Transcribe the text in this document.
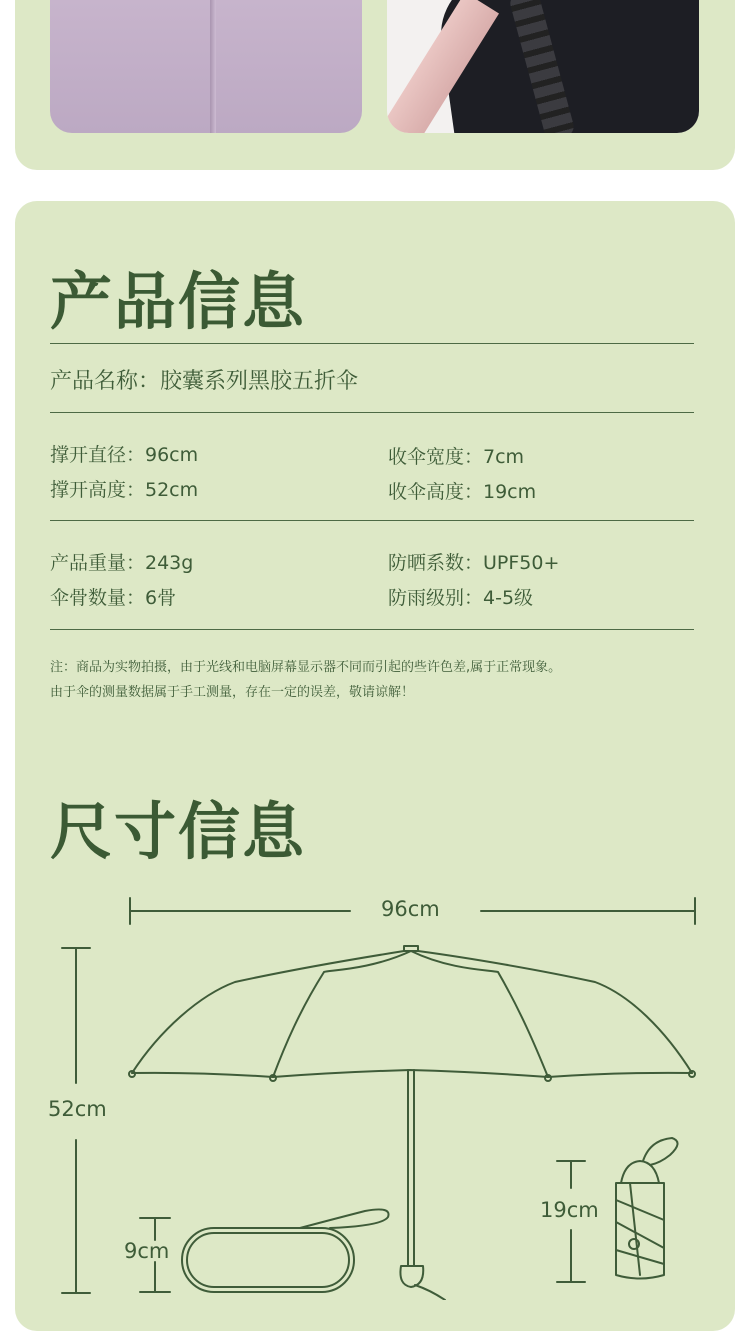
产品信息
产品名称：胶囊系列黑胶五折伞
撑开直径：96cm
撑开高度：52cm
收伞宽度：7cm
收伞高度：19cm
产品重量：243g
伞骨数量：6骨
防晒系数：UPF50+
防雨级别：4-5级
注：商品为实物拍摄，由于光线和电脑屏幕显示器不同而引起的些许色差,属于正常现象。
由于伞的测量数据属于手工测量，存在一定的误差，敬请谅解！
尺寸信息
96cm
52cm
9cm
19cm
